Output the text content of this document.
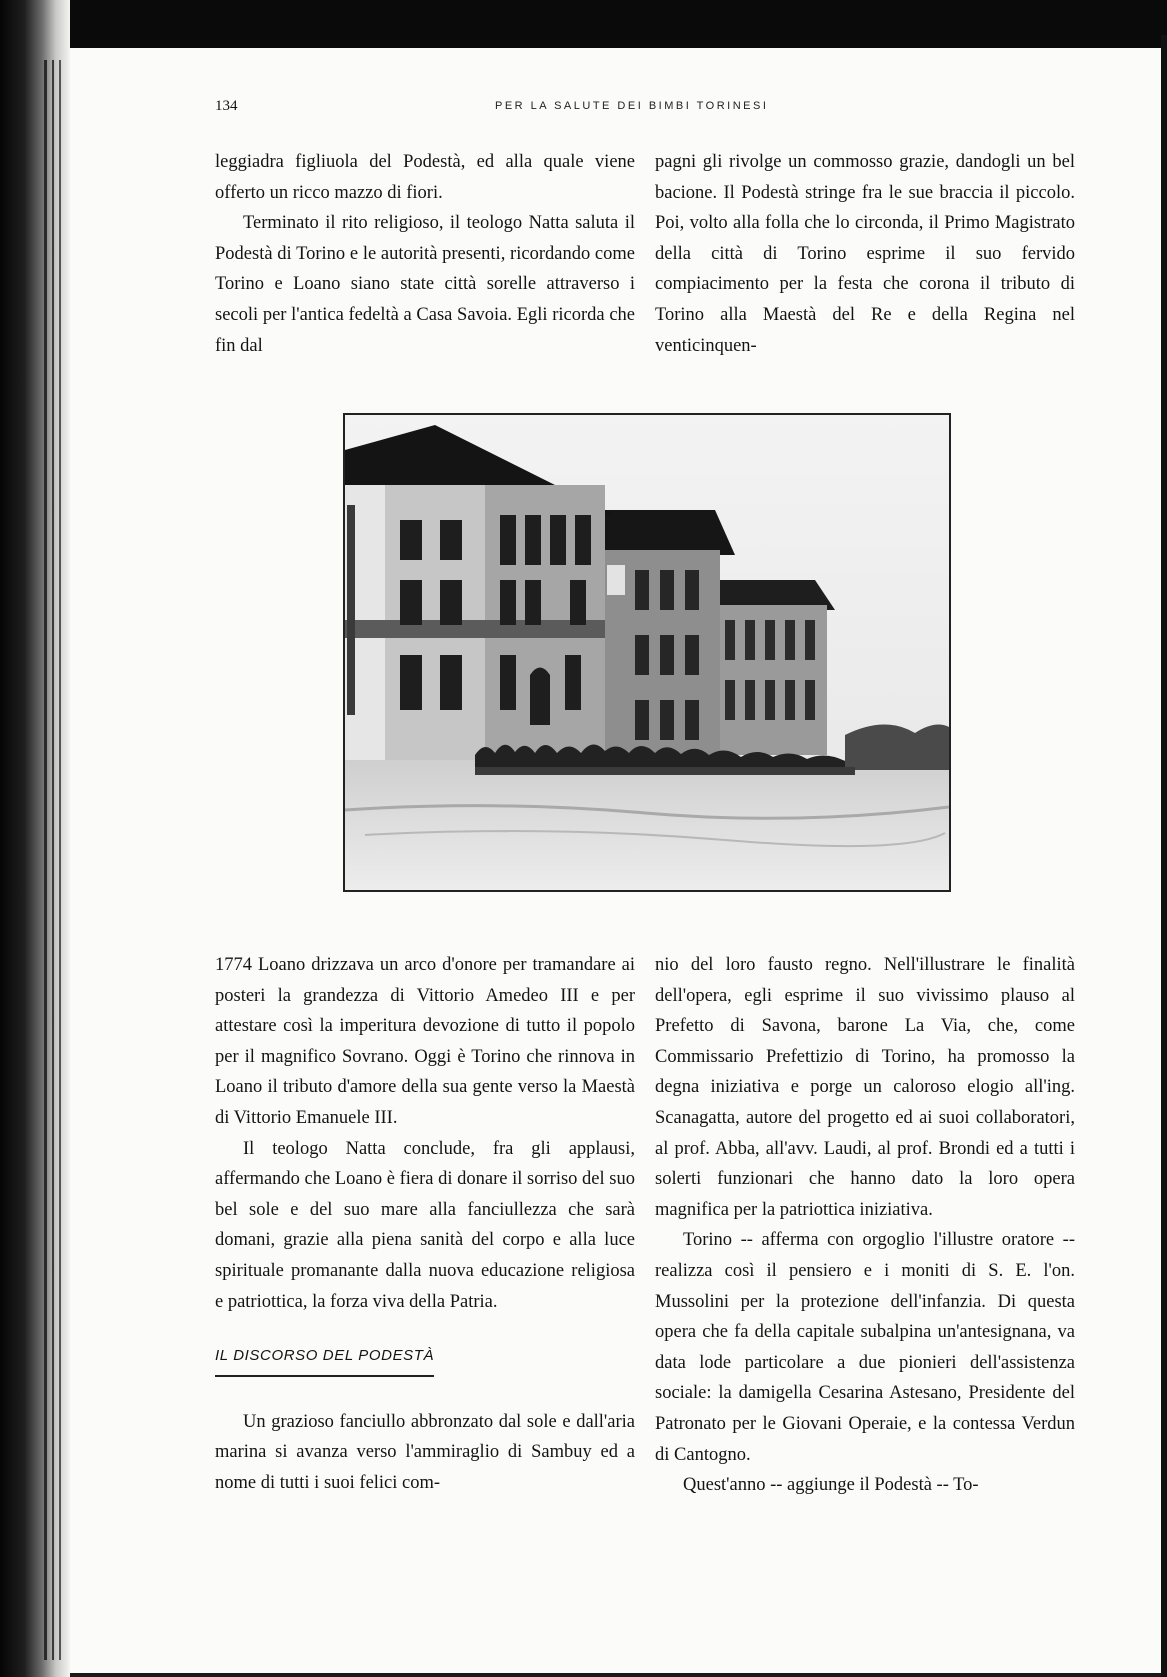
134	PER LA SALUTE DEI BIMBI TORINESI

leggiadra figliuola del Podestà, ed alla quale viene offerto un ricco mazzo di fiori.

Terminato il rito religioso, il teologo Natta saluta il Podestà di Torino e le autorità presenti, ricordando come Torino e Loano siano state città sorelle attraverso i secoli per l'antica fedeltà a Casa Savoia. Egli ricorda che fin dal

pagni gli rivolge un commosso grazie, dandogli un bel bacione. Il Podestà stringe fra le sue braccia il piccolo. Poi, volto alla folla che lo circonda, il Primo Magistrato della città di Torino esprime il suo fervido compiacimento per la festa che corona il tributo di Torino alla Maestà del Re e della Regina nel venticinquen-

1774 Loano drizzava un arco d'onore per tramandare ai posteri la grandezza di Vittorio Amedeo III e per attestare così la imperitura devozione di tutto il popolo per il magnifico Sovrano. Oggi è Torino che rinnova in Loano il tributo d'amore della sua gente verso la Maestà di Vittorio Emanuele III.

Il teologo Natta conclude, fra gli applausi, affermando che Loano è fiera di donare il sorriso del suo bel sole e del suo mare alla fanciullezza che sarà domani, grazie alla piena sanità del corpo e alla luce spirituale promanante dalla nuova educazione religiosa e patriottica, la forza viva della Patria.

IL DISCORSO DEL PODESTÀ

Un grazioso fanciullo abbronzato dal sole e dall'aria marina si avanza verso l'ammiraglio di Sambuy ed a nome di tutti i suoi felici com-

nio del loro fausto regno. Nell'illustrare le finalità dell'opera, egli esprime il suo vivissimo plauso al Prefetto di Savona, barone La Via, che, come Commissario Prefettizio di Torino, ha promosso la degna iniziativa e porge un caloroso elogio all'ing. Scanagatta, autore del progetto ed ai suoi collaboratori, al prof. Abba, all'avv. Laudi, al prof. Brondi ed a tutti i solerti funzionari che hanno dato la loro opera magnifica per la patriottica iniziativa.

Torino -- afferma con orgoglio l'illustre oratore -- realizza così il pensiero e i moniti di S. E. l'on. Mussolini per la protezione dell'infanzia. Di questa opera che fa della capitale subalpina un'antesignana, va data lode particolare a due pionieri dell'assistenza sociale: la damigella Cesarina Astesano, Presidente del Patronato per le Giovani Operaie, e la contessa Verdun di Cantogno.

Quest'anno -- aggiunge il Podestà -- To-
